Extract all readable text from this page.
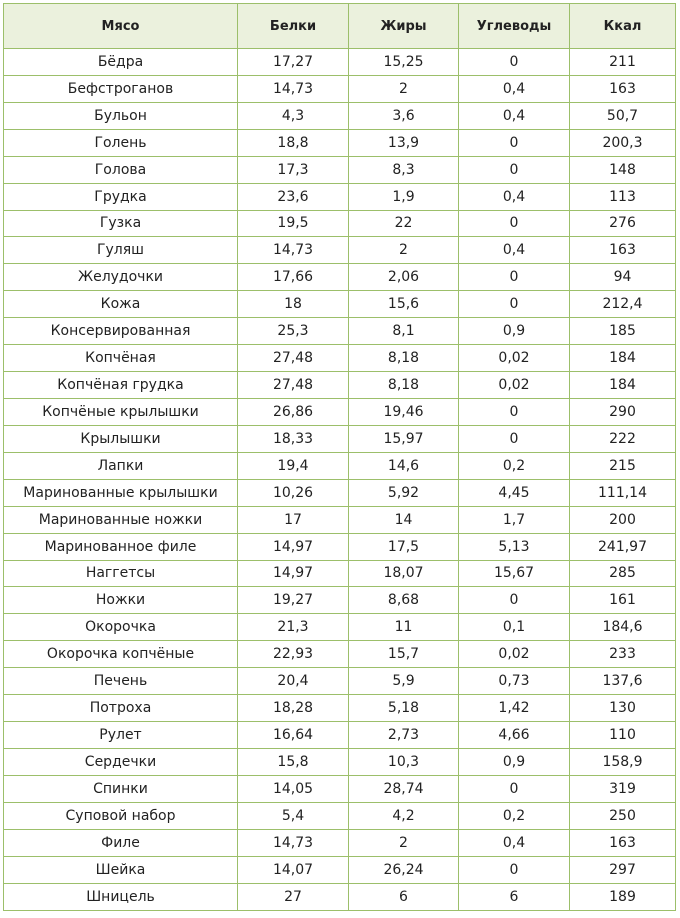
Мясо	Белки	Жиры	Углеводы	Ккал
Бёдра	17,27	15,25	0	211
Бефстроганов	14,73	2	0,4	163
Бульон	4,3	3,6	0,4	50,7
Голень	18,8	13,9	0	200,3
Голова	17,3	8,3	0	148
Грудка	23,6	1,9	0,4	113
Гузка	19,5	22	0	276
Гуляш	14,73	2	0,4	163
Желудочки	17,66	2,06	0	94
Кожа	18	15,6	0	212,4
Консервированная	25,3	8,1	0,9	185
Копчёная	27,48	8,18	0,02	184
Копчёная грудка	27,48	8,18	0,02	184
Копчёные крылышки	26,86	19,46	0	290
Крылышки	18,33	15,97	0	222
Лапки	19,4	14,6	0,2	215
Маринованные крылышки	10,26	5,92	4,45	111,14
Маринованные ножки	17	14	1,7	200
Маринованное филе	14,97	17,5	5,13	241,97
Наггетсы	14,97	18,07	15,67	285
Ножки	19,27	8,68	0	161
Окорочка	21,3	11	0,1	184,6
Окорочка копчёные	22,93	15,7	0,02	233
Печень	20,4	5,9	0,73	137,6
Потроха	18,28	5,18	1,42	130
Рулет	16,64	2,73	4,66	110
Сердечки	15,8	10,3	0,9	158,9
Спинки	14,05	28,74	0	319
Суповой набор	5,4	4,2	0,2	250
Филе	14,73	2	0,4	163
Шейка	14,07	26,24	0	297
Шницель	27	6	6	189
